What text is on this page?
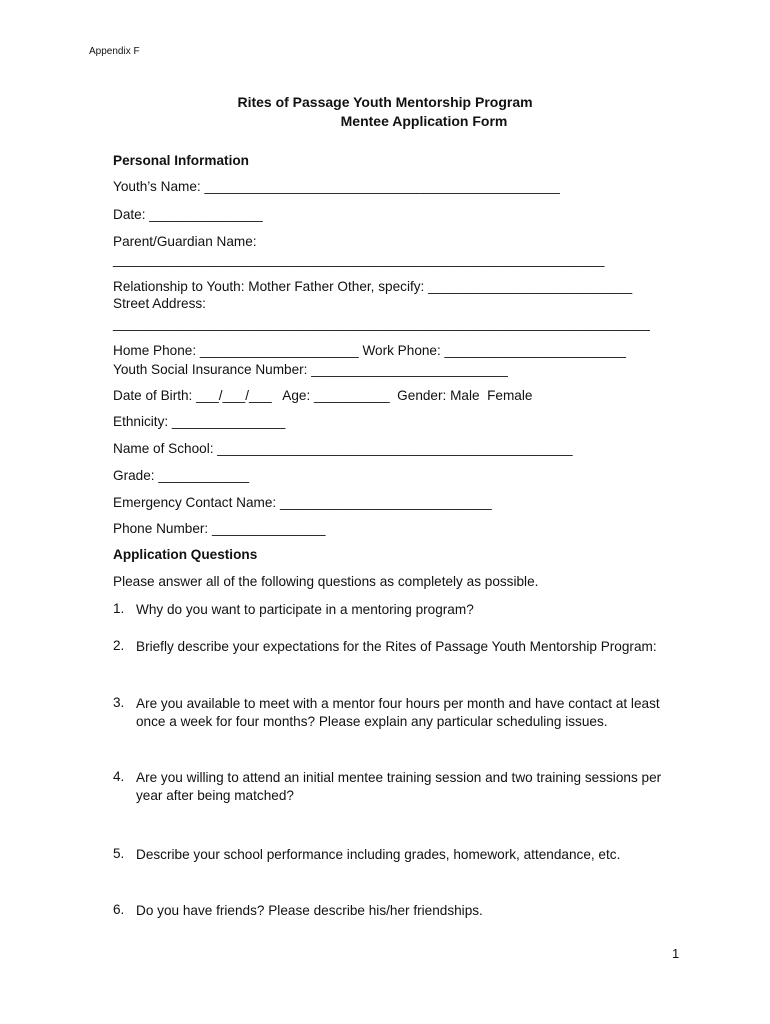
Appendix F
Rites of Passage Youth Mentorship Program
Mentee Application Form
Personal Information
Youth’s Name: _______________________________________________
Date: _______________
Parent/Guardian Name:
_________________________________________________________________
Relationship to Youth: Mother Father Other, specify: ___________________________
Street Address:
_______________________________________________________________________
Home Phone: _____________________ Work Phone: ________________________
Youth Social Insurance Number: __________________________
Date of Birth: ___/___/___   Age: __________  Gender: Male  Female
Ethnicity: _______________
Name of School: _______________________________________________
Grade: ____________
Emergency Contact Name: ____________________________
Phone Number: _______________
Application Questions
Please answer all of the following questions as completely as possible.
1. Why do you want to participate in a mentoring program?
2. Briefly describe your expectations for the Rites of Passage Youth Mentorship Program:
3. Are you available to meet with a mentor four hours per month and have contact at least once a week for four months? Please explain any particular scheduling issues.
4. Are you willing to attend an initial mentee training session and two training sessions per year after being matched?
5. Describe your school performance including grades, homework, attendance, etc.
6. Do you have friends? Please describe his/her friendships.
1
